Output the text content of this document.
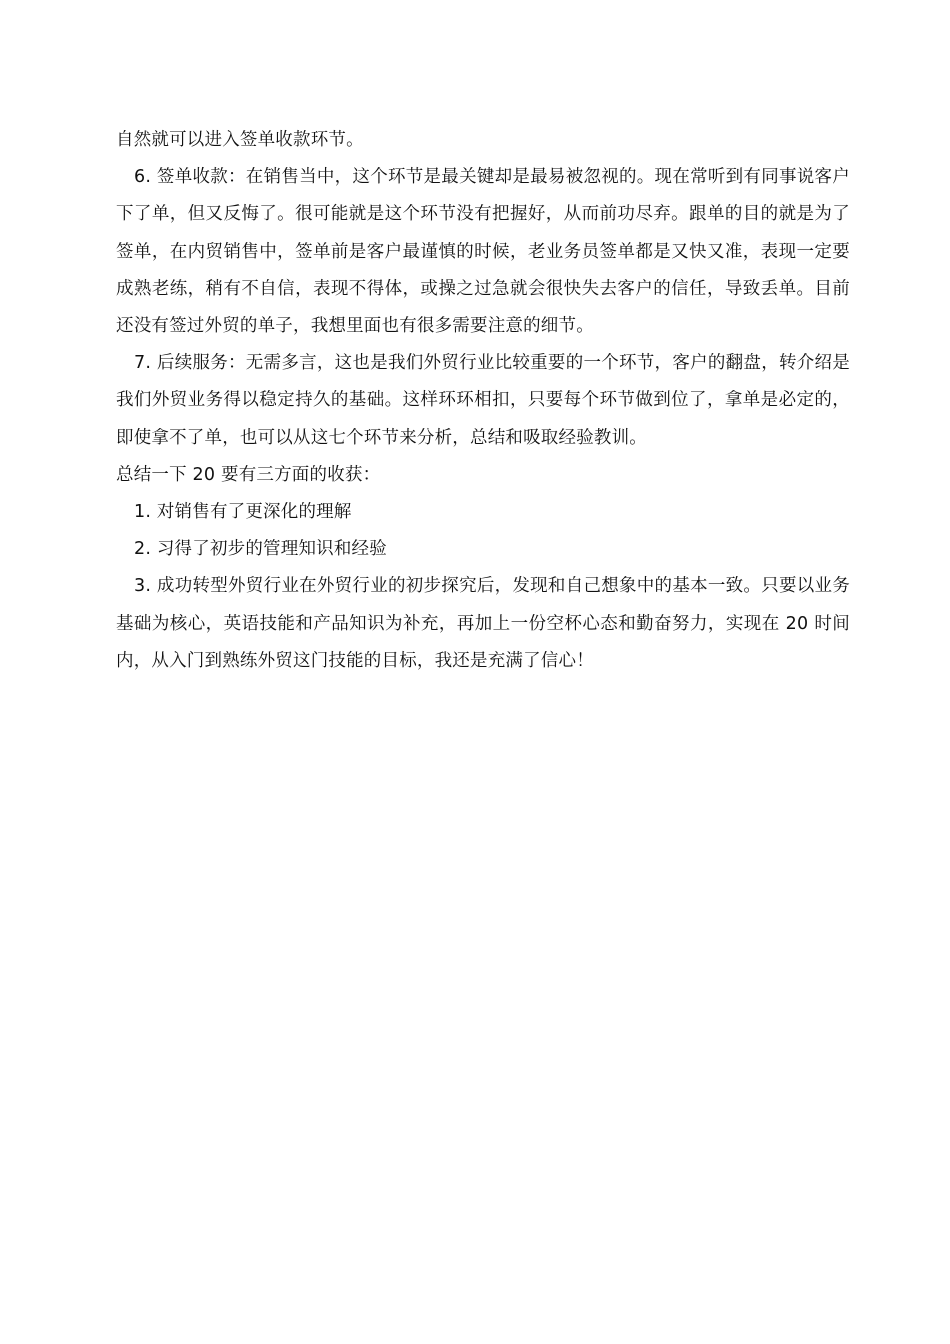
自然就可以进入签单收款环节。

6. 签单收款：在销售当中，这个环节是最关键却是最易被忽视的。现在常听到有同事说客户下了单，但又反悔了。很可能就是这个环节没有把握好，从而前功尽弃。跟单的目的就是为了签单，在内贸销售中，签单前是客户最谨慎的时候，老业务员签单都是又快又准，表现一定要成熟老练，稍有不自信，表现不得体，或操之过急就会很快失去客户的信任，导致丢单。目前还没有签过外贸的单子，我想里面也有很多需要注意的细节。

7. 后续服务：无需多言，这也是我们外贸行业比较重要的一个环节，客户的翻盘，转介绍是我们外贸业务得以稳定持久的基础。这样环环相扣，只要每个环节做到位了，拿单是必定的，即使拿不了单，也可以从这七个环节来分析，总结和吸取经验教训。

总结一下 20 要有三方面的收获：

1. 对销售有了更深化的理解

2. 习得了初步的管理知识和经验

3. 成功转型外贸行业在外贸行业的初步探究后，发现和自己想象中的基本一致。只要以业务基础为核心，英语技能和产品知识为补充，再加上一份空杯心态和勤奋努力，实现在 20 时间内，从入门到熟练外贸这门技能的目标，我还是充满了信心！
